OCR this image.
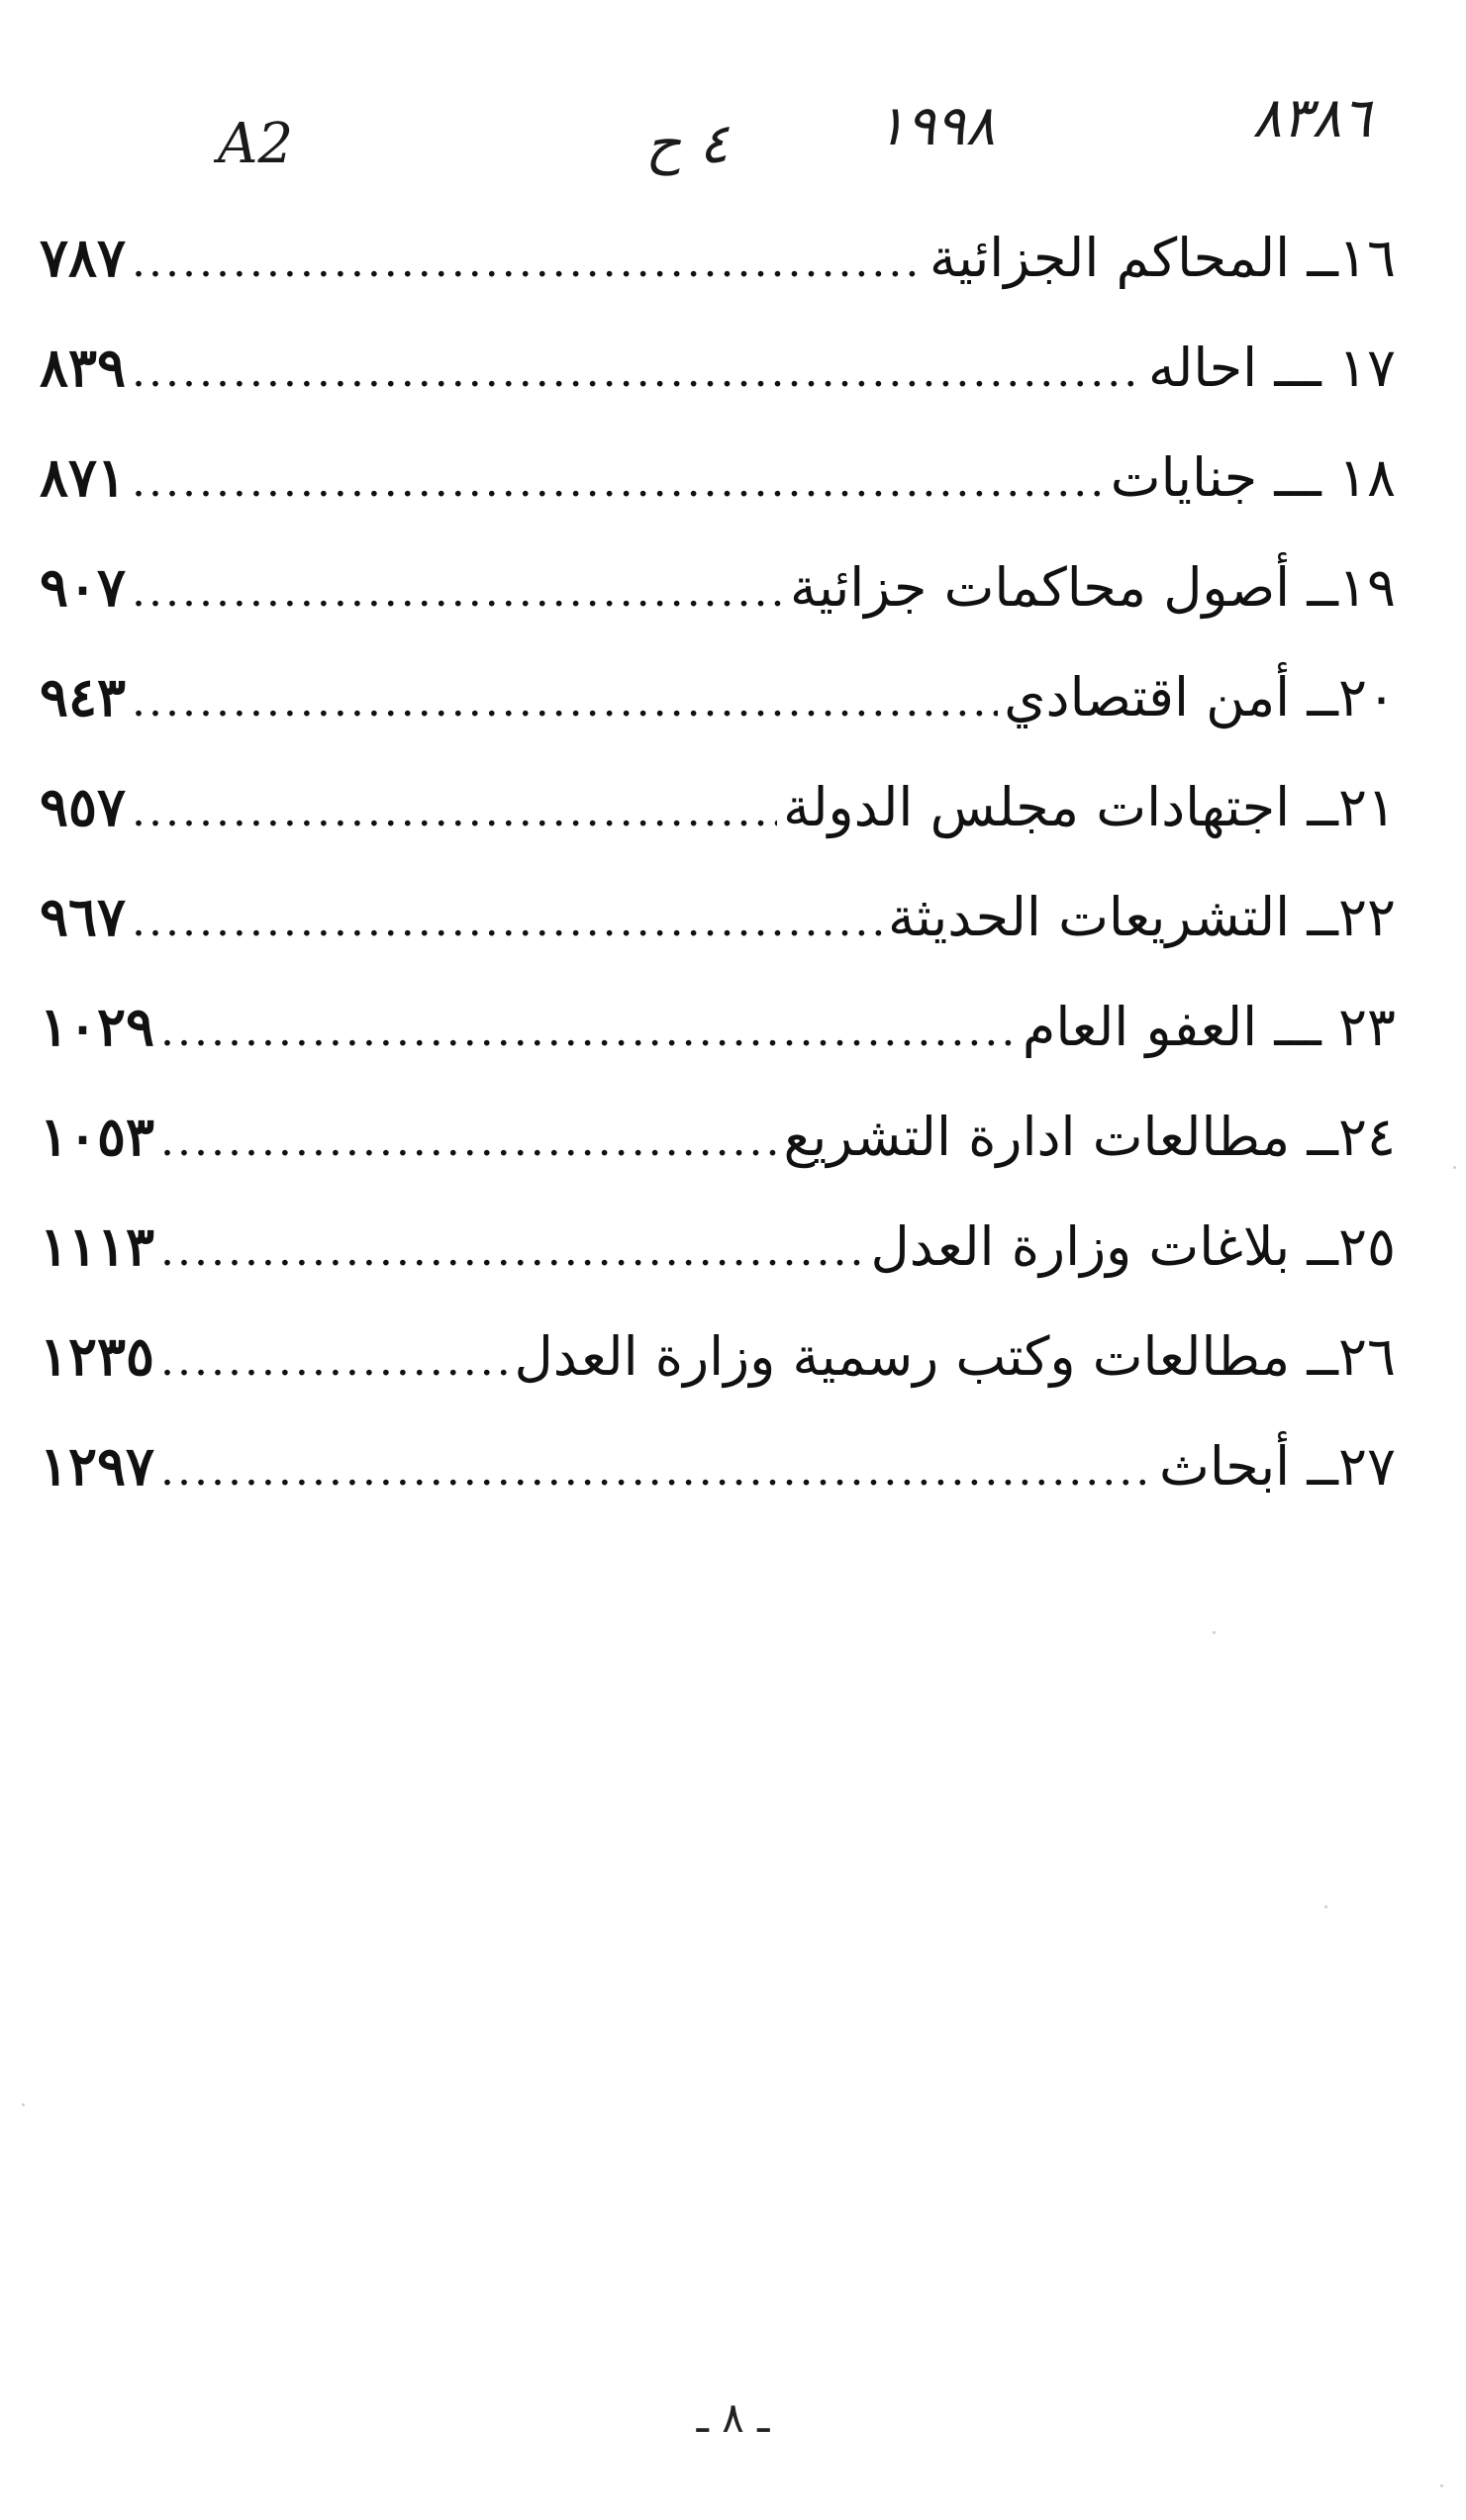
٨٣٨٦
١٩٩٨
٤ ح
A2
١٦ــ المحاكم الجزائية
.....
٧٨٧
١٧ ـــ احاله
.....
٨٣٩
١٨ ـــ جنايات
.....
٨٧١
١٩ــ أصول محاكمات جزائية
.....
٩٠٧
٢٠ــ أمن اقتصادي
.....
٩٤٣
٢١ــ اجتهادات مجلس الدولة
.....
٩٥٧
٢٢ــ التشريعات الحديثة
.....
٩٦٧
٢٣ ـــ العفو العام
.....
١٠٢٩
٢٤ــ مطالعات ادارة التشريع
.....
١٠٥٣
٢٥ــ بلاغات وزارة العدل
.....
١١١٣
٢٦ــ مطالعات وكتب رسمية وزارة العدل
.....
١٢٣٥
٢٧ــ أبحاث
.....
١٢٩٧
ـ ٨ ـ
